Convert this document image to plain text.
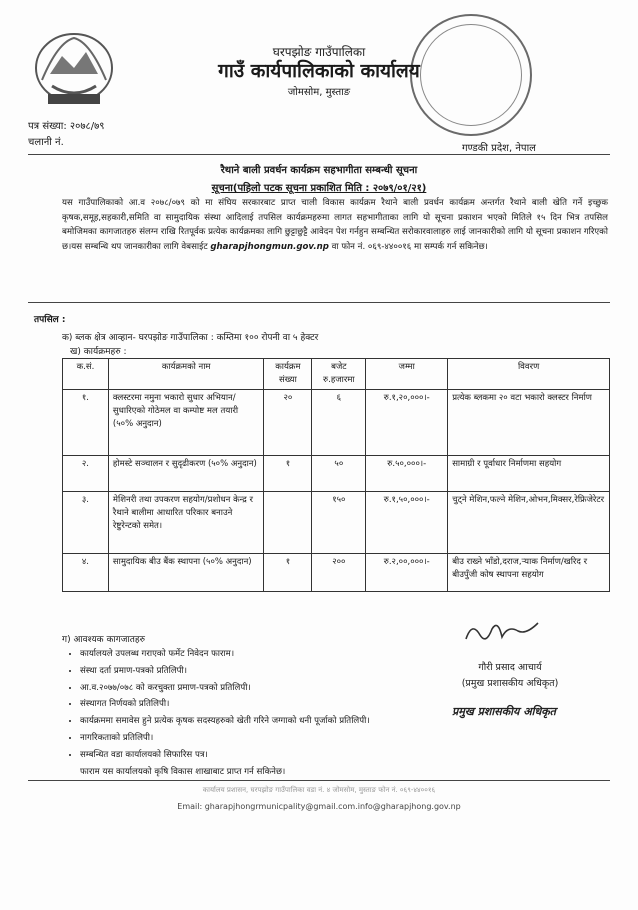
घरपझोङ गाउँपालिका
गाउँ कार्यपालिकाको कार्यालय
जोमसोम, मुस्ताङ
पत्र संख्या: २०७८/७९
चलानी नं.
गण्डकी प्रदेश, नेपाल
रैथाने बाली प्रवर्धन कार्यक्रम सहभागीता सम्बन्धी सूचना
सूचना(पहिलो पटक सूचना प्रकाशित मिति : २०७९/०१/२१)
यस गाउँपालिकाको आ.व २०७८/०७९ को मा संघिय सरकारबाट प्राप्त चाली विकास कार्यक्रम रैथाने बाली प्रवर्धन कार्यक्रम अन्तर्गत रैथाने बाली खेति गर्ने इच्छुक कृषक,समूह,सहकारी,समिति वा सामुदायिक संस्था आदिलाई तपसिल कार्यक्रमहरुमा लागत सहभागीताका लागि यो सूचना प्रकाशन भएको मितिले १५ दिन भित्र तपसिल बमोजिमका कागजातहरु संलग्न राखि रितपूर्वक प्रत्येक कार्यक्रमका लागि छुट्टाछुट्टै आवेदन पेश गर्नहुन सम्बन्धित सरोकारवालाहरु लाई जानकारीको लागि यो सूचना प्रकाशन गरिएको छ।यस सम्बन्धि थप जानकारीका लागि वेबसाईट gharapjhongmun.gov.np वा फोन नं. ०६९-४४००१६ मा सम्पर्क गर्न सकिनेछ।
तपसिल :
क) ब्लक क्षेत्र आव्हान- घरपझोङ गाउँपालिका : कम्तिमा १०० रोपनी वा ५ हेक्टर
ख) कार्यक्रमहरु :
क.सं.	कार्यक्रमको नाम	कार्यक्रम संख्या	बजेट रु.हजारमा	जम्मा	विवरण
१.	क्लस्टरमा नमुना भकारो सुधार अभियान/सुधारिएको गोठेमल वा कम्पोष्ट मल तयारी (५०% अनुदान)	२०	६	रु.१,२०,०००।-	प्रत्येक ब्लकमा २० वटा भकारो क्लस्टर निर्माण
२.	होमस्टे सञ्चालन र सुदृढीकरण (५०% अनुदान)	१	५०	रु.५०,०००।-	सामाग्री र पूर्वाधार निर्माणमा सहयोग
३.	मेशिनरी तथा उपकरण सहयोग/प्रशोधन केन्द्र र रैथाने बालीमा आधारित परिकार बनाउने रेष्टुरेन्टको समेत।		१५०	रु.१,५०,०००।-	चुट्ने मेशिन,फल्ने मेशिन,ओभन,मिक्सर,रेफ्रिजेरेटर
४.	सामुदायिक बीउ बैंक स्थापना (५०% अनुदान)	१	२००	रु.२,००,०००।-	बीउ राख्ने भाँडो,दराज,र्‍याक निर्माण/खरिद र बीउपुँजी कोष स्थापना सहयोग
ग) आवश्यक कागजातहरु
• कार्यालयले उपलब्ध गराएको फर्मेट निवेदन फाराम।
• संस्था दर्ता प्रमाण-पत्रको प्रतिलिपी।
• आ.व.२०७७/०७८ को करचुक्ता प्रमाण-पत्रको प्रतिलिपी।
• संस्थागत निर्णयको प्रतिलिपी।
• कार्यक्रममा समावेस हुने प्रत्येक कृषक सदस्यहरुको खेती गरिने जग्गाको धनी पूर्जाको प्रतिलिपी।
• नागरिकताको प्रतिलिपी।
• सम्बन्धित वडा कार्यालयको सिफारिस पत्र।
फाराम यस कार्यालयको कृषि विकास शाखाबाट प्राप्त गर्न सकिनेछ।
गौरी प्रसाद आचार्य
(प्रमुख प्रशासकीय अधिकृत)
प्रमुख प्रशासकीय अधिकृत
कार्यालय प्रशासन, घरपझोङ गाउँपालिका वडा नं. ४ जोमसोम, मुस्ताङ फोन नं. ०६९-४४००१६
Email: gharapjhongrmunicpality@gmail.com.info@gharapjhong.gov.np
